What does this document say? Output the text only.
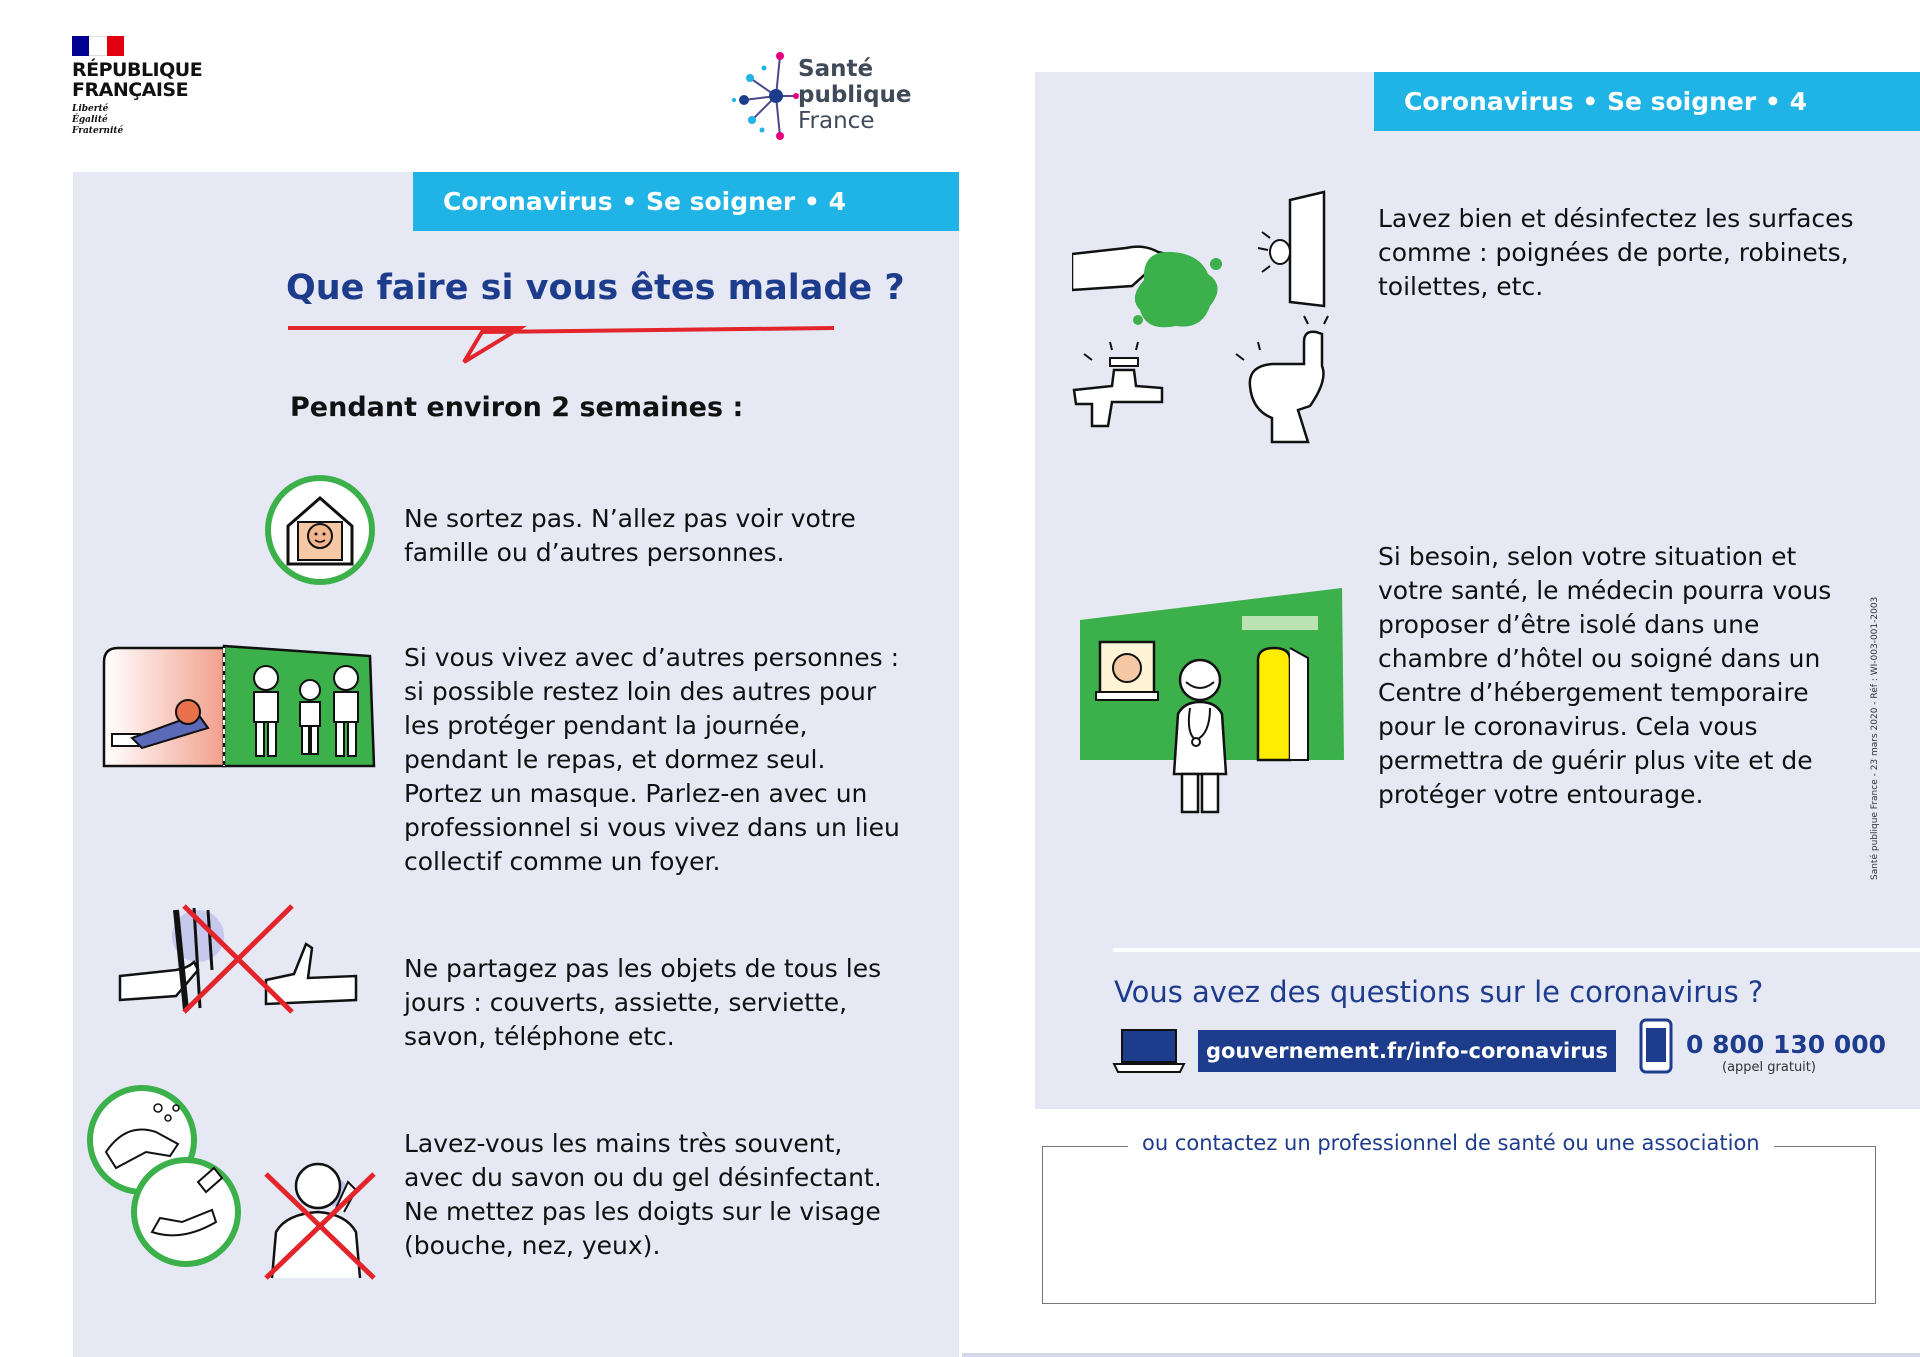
RÉPUBLIQUE
FRANÇAISE
Liberté
Égalité
Fraternité
Santé
publique
France
Coronavirus • Se soigner • 4
Que faire si vous êtes malade ?
Pendant environ 2 semaines :
Ne sortez pas. N’allez pas voir votre famille ou d’autres personnes.
Si vous vivez avec d’autres personnes : si possible restez loin des autres pour les protéger pendant la journée, pendant le repas, et dormez seul. Portez un masque. Parlez-en avec un professionnel si vous vivez dans un lieu collectif comme un foyer.
Ne partagez pas les objets de tous les jours : couverts, assiette, serviette, savon, téléphone etc.
Lavez-vous les mains très souvent, avec du savon ou du gel désinfectant. Ne mettez pas les doigts sur le visage (bouche, nez, yeux).
Coronavirus • Se soigner • 4
Lavez bien et désinfectez les surfaces comme : poignées de porte, robinets, toilettes, etc.
Si besoin, selon votre situation et votre santé, le médecin pourra vous proposer d’être isolé dans une chambre d’hôtel ou soigné dans un Centre d’hébergement temporaire pour le coronavirus. Cela vous permettra de guérir plus vite et de protéger votre entourage.	Santé publique France - 23 mars 2020 - Réf : WI-003-001-2003
Vous avez des questions sur le coronavirus ?
gouvernement.fr/info-coronavirus	0 800 130 000
(appel gratuit)
ou contactez un professionnel de santé ou une association
